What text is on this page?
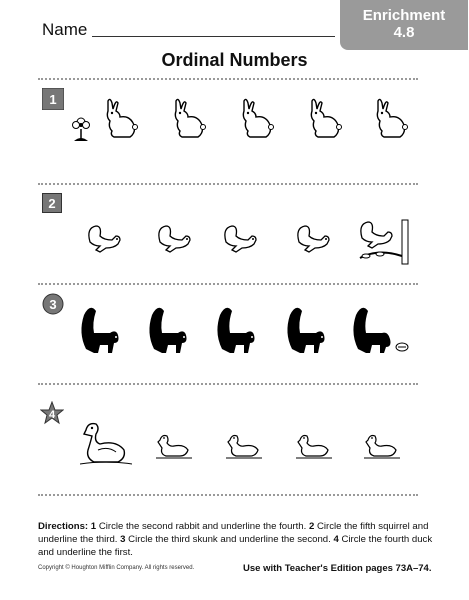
Name
Enrichment
4.8
Ordinal Numbers
1
2
3
4
Directions: 1 Circle the second rabbit and underline the fourth. 2 Circle the fifth squirrel and underline the third. 3 Circle the third skunk and underline the second. 4 Circle the fourth duck and underline the first.
Copyright © Houghton Mifflin Company. All rights reserved.	Use with Teacher's Edition pages 73A–74.
